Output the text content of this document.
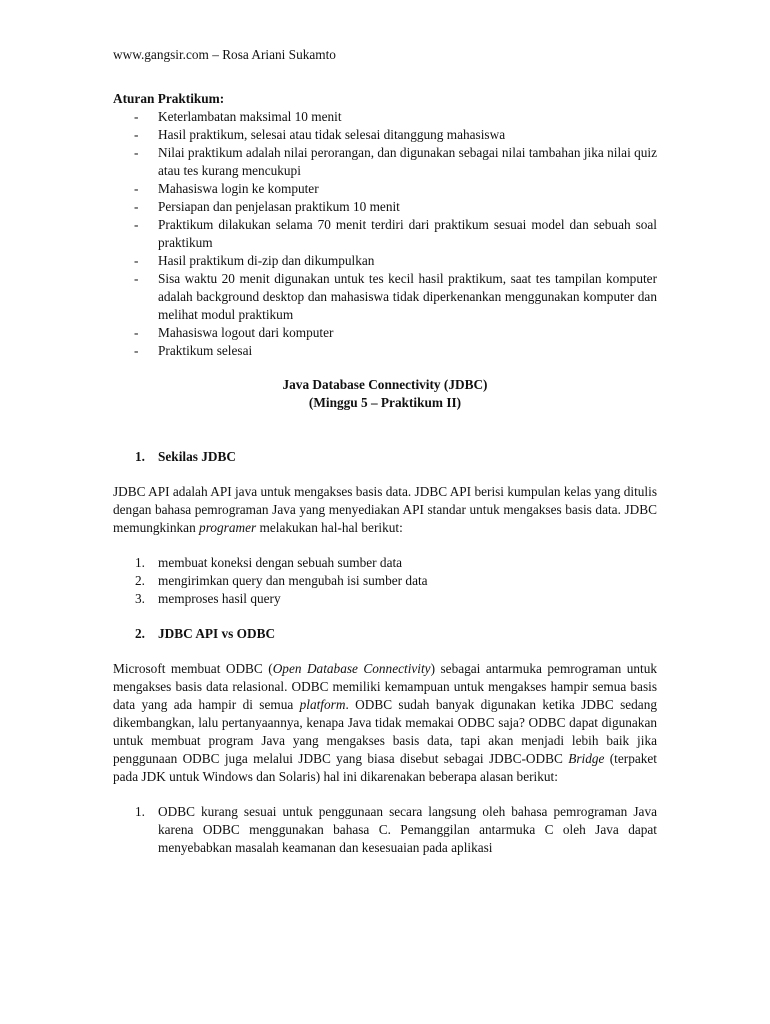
www.gangsir.com – Rosa Ariani Sukamto

Aturan Praktikum:

- Keterlambatan maksimal 10 menit
- Hasil praktikum, selesai atau tidak selesai ditanggung mahasiswa
- Nilai praktikum adalah nilai perorangan, dan digunakan sebagai nilai tambahan jika nilai quiz atau tes kurang mencukupi
- Mahasiswa login ke komputer
- Persiapan dan penjelasan praktikum 10 menit
- Praktikum dilakukan selama 70 menit terdiri dari praktikum sesuai model dan sebuah soal praktikum
- Hasil praktikum di-zip dan dikumpulkan
- Sisa waktu 20 menit digunakan untuk tes kecil hasil praktikum, saat tes tampilan komputer adalah background desktop dan mahasiswa tidak diperkenankan menggunakan komputer dan melihat modul praktikum
- Mahasiswa logout dari komputer
- Praktikum selesai

Java Database Connectivity (JDBC)

(Minggu 5 – Praktikum II)

1. Sekilas JDBC

JDBC API adalah API java untuk mengakses basis data. JDBC API berisi kumpulan kelas yang ditulis dengan bahasa pemrograman Java yang menyediakan API standar untuk mengakses basis data. JDBC memungkinkan programer melakukan hal-hal berikut:

1. membuat koneksi dengan sebuah sumber data
2. mengirimkan query dan mengubah isi sumber data
3. memproses hasil query
2. JDBC API vs ODBC

Microsoft membuat ODBC (Open Database Connectivity) sebagai antarmuka pemrograman untuk mengakses basis data relasional. ODBC memiliki kemampuan untuk mengakses hampir semua basis data yang ada hampir di semua platform. ODBC sudah banyak digunakan ketika JDBC sedang dikembangkan, lalu pertanyaannya, kenapa Java tidak memakai ODBC saja? ODBC dapat digunakan untuk membuat program Java yang mengakses basis data, tapi akan menjadi lebih baik jika penggunaan ODBC juga melalui JDBC yang biasa disebut sebagai JDBC-ODBC Bridge (terpaket pada JDK untuk Windows dan Solaris) hal ini dikarenakan beberapa alasan berikut:

1. ODBC kurang sesuai untuk penggunaan secara langsung oleh bahasa pemrograman Java karena ODBC menggunakan bahasa C. Pemanggilan antarmuka C oleh Java dapat menyebabkan masalah keamanan dan kesesuaian pada aplikasi
